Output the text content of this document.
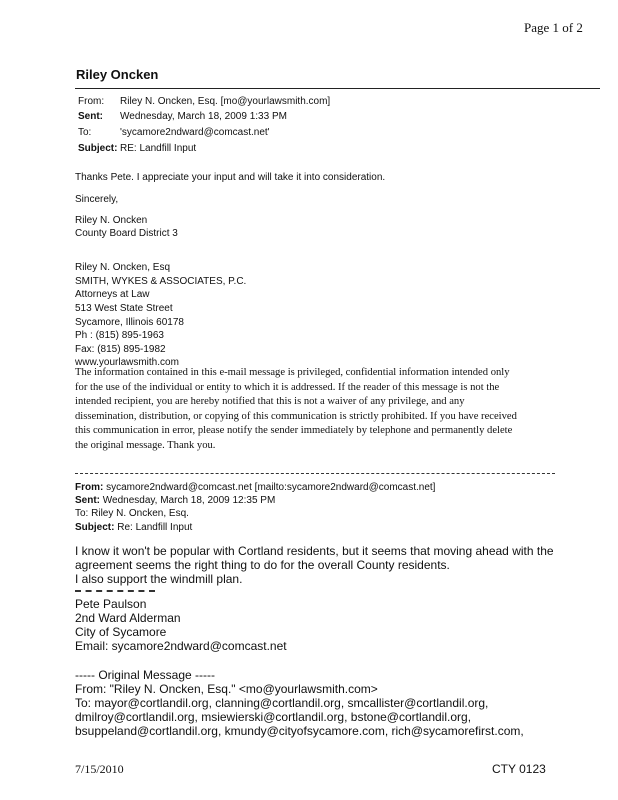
Page 1 of 2
Riley Oncken
From: Riley N. Oncken, Esq. [mo@yourlawsmith.com]
Sent: Wednesday, March 18, 2009 1:33 PM
To:	'sycamore2ndward@comcast.net'
Subject: RE: Landfill Input
Thanks Pete. I appreciate your input and will take it into consideration.
Sincerely,
Riley N. Oncken
County Board District 3
Riley N. Oncken, Esq
SMITH, WYKES & ASSOCIATES, P.C.
Attorneys at Law
513 West State Street
Sycamore, Illinois 60178
Ph : (815) 895-1963
Fax: (815) 895-1982
www.yourlawsmith.com
The information contained in this e-mail message is privileged, confidential information intended only
for the use of the individual or entity to which it is addressed. If the reader of this message is not the
intended recipient, you are hereby notified that this is not a waiver of any privilege, and any
dissemination, distribution, or copying of this communication is strictly prohibited. If you have received
this communication in error, please notify the sender immediately by telephone and permanently delete
the original message. Thank you.
From: sycamore2ndward@comcast.net [mailto:sycamore2ndward@comcast.net]
Sent: Wednesday, March 18, 2009 12:35 PM
To: Riley N. Oncken, Esq.
Subject: Re: Landfill Input
I know it won't be popular with Cortland residents, but it seems that moving ahead with the
agreement seems the right thing to do for the overall County residents.
I also support the windmill plan.
Pete Paulson
2nd Ward Alderman
City of Sycamore
Email: sycamore2ndward@comcast.net
----- Original Message -----
From: "Riley N. Oncken, Esq." <mo@yourlawsmith.com>
To: mayor@cortlandil.org, clanning@cortlandil.org, smcallister@cortlandil.org,
dmilroy@cortlandil.org, msiewierski@cortlandil.org, bstone@cortlandil.org,
bsuppeland@cortlandil.org, kmundy@cityofsycamore.com, rich@sycamorefirst.com,
7/15/2010	CTY 0123
